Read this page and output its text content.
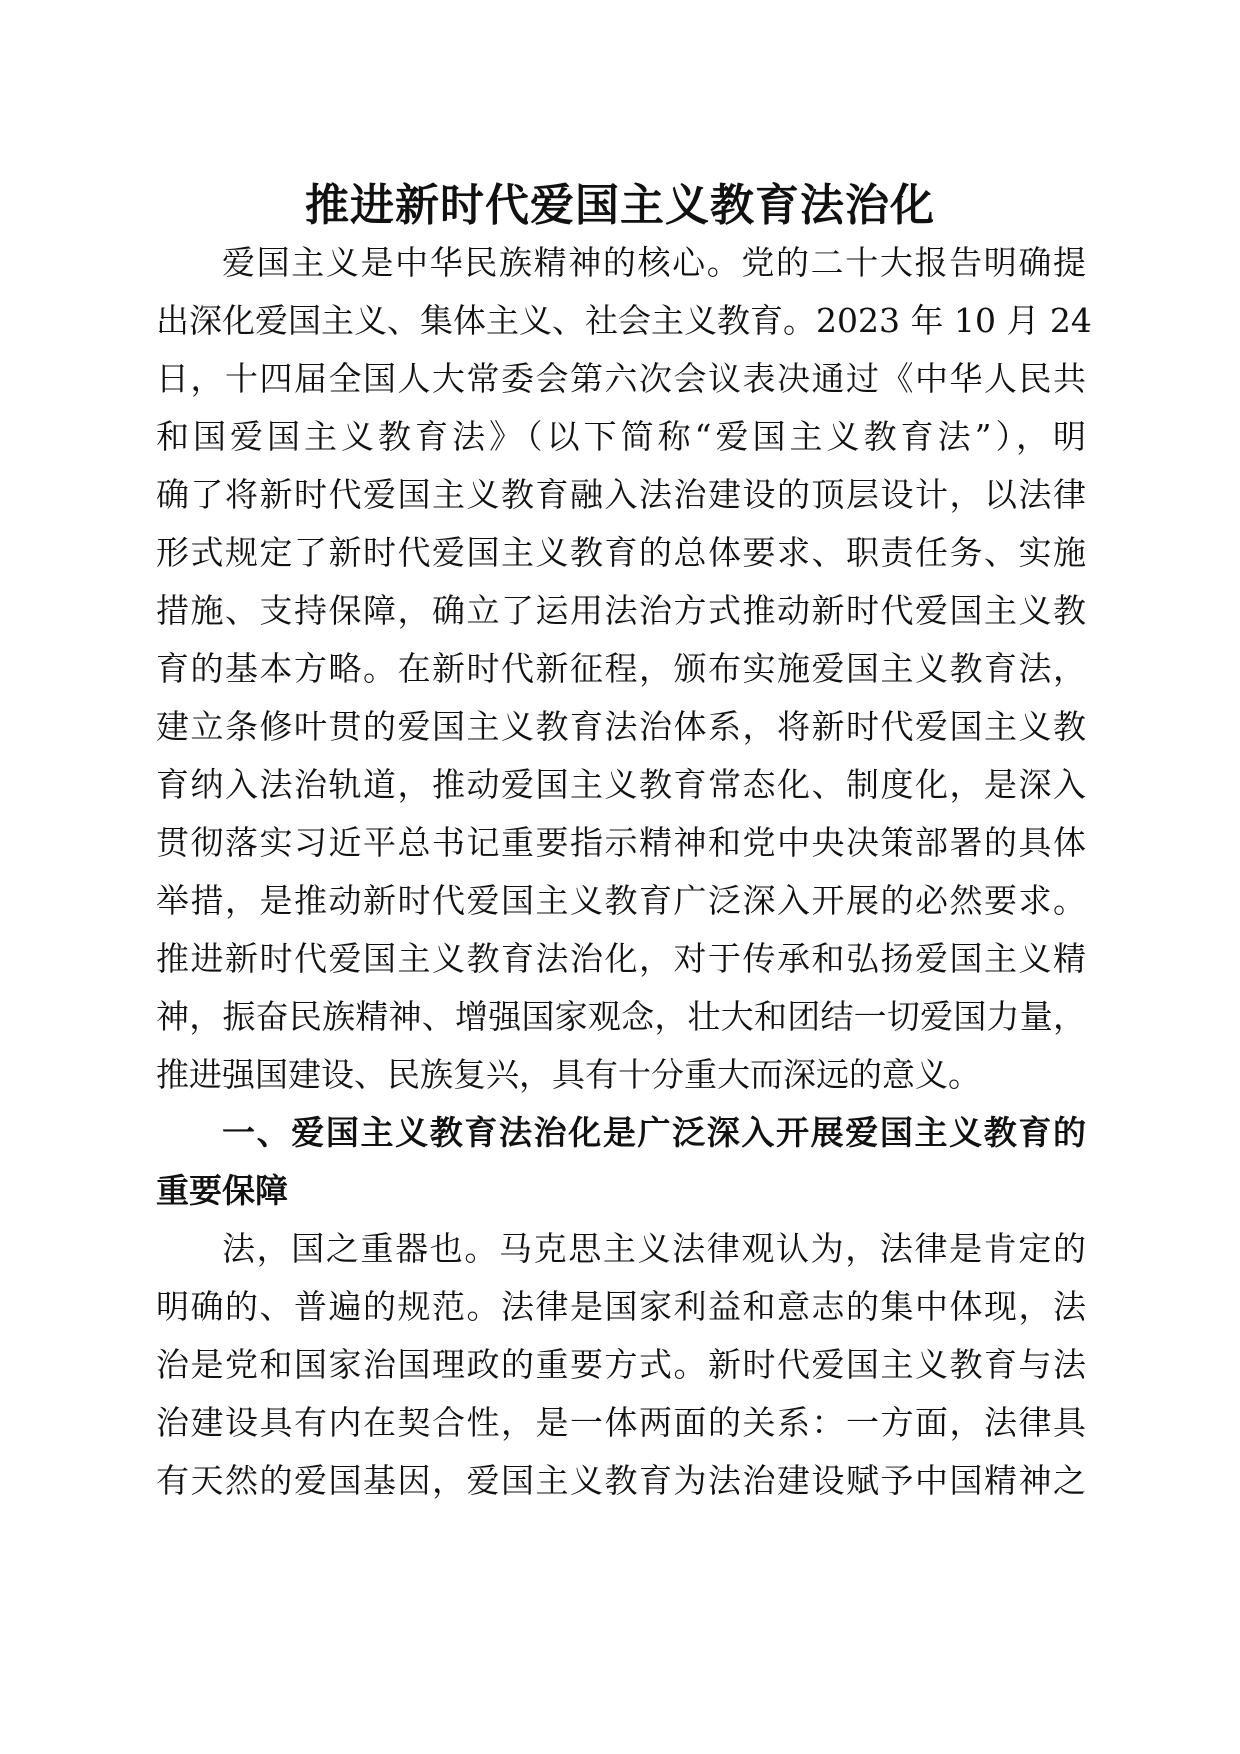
推进新时代爱国主义教育法治化
爱国主义是中华民族精神的核心。党的二十大报告明确提
出深化爱国主义、集体主义、社会主义教育。2023 年 10 月 24
日，十四届全国人大常委会第六次会议表决通过《中华人民共
和国爱国主义教育法》（以下简称“爱国主义教育法”），明
确了将新时代爱国主义教育融入法治建设的顶层设计，以法律
形式规定了新时代爱国主义教育的总体要求、职责任务、实施
措施、支持保障，确立了运用法治方式推动新时代爱国主义教
育的基本方略。在新时代新征程，颁布实施爱国主义教育法，
建立条修叶贯的爱国主义教育法治体系，将新时代爱国主义教
育纳入法治轨道，推动爱国主义教育常态化、制度化，是深入
贯彻落实习近平总书记重要指示精神和党中央决策部署的具体
举措，是推动新时代爱国主义教育广泛深入开展的必然要求。
推进新时代爱国主义教育法治化，对于传承和弘扬爱国主义精
神，振奋民族精神、增强国家观念，壮大和团结一切爱国力量，
推进强国建设、民族复兴，具有十分重大而深远的意义。
一、爱国主义教育法治化是广泛深入开展爱国主义教育的
重要保障
法，国之重器也。马克思主义法律观认为，法律是肯定的
明确的、普遍的规范。法律是国家利益和意志的集中体现，法
治是党和国家治国理政的重要方式。新时代爱国主义教育与法
治建设具有内在契合性，是一体两面的关系：一方面，法律具
有天然的爱国基因，爱国主义教育为法治建设赋予中国精神之
